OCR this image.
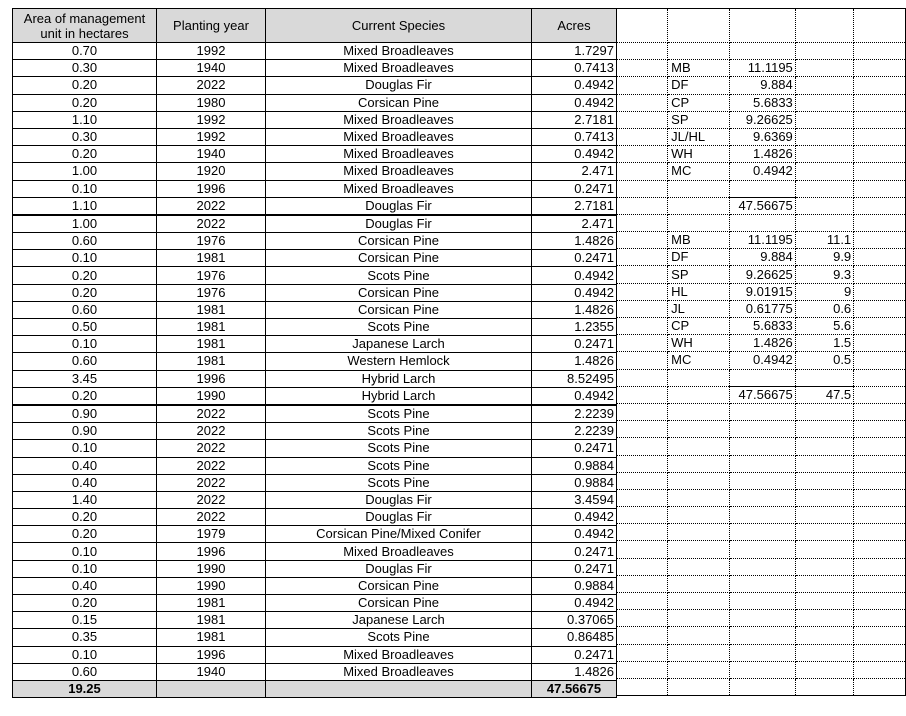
Area of management unit in hectares	Planting year	Current Species	Acres
0.70	1992	Mixed Broadleaves	1.7297
0.30	1940	Mixed Broadleaves	0.7413
0.20	2022	Douglas Fir	0.4942
0.20	1980	Corsican Pine	0.4942
1.10	1992	Mixed Broadleaves	2.7181
0.30	1992	Mixed Broadleaves	0.7413
0.20	1940	Mixed Broadleaves	0.4942
1.00	1920	Mixed Broadleaves	2.471
0.10	1996	Mixed Broadleaves	0.2471
1.10	2022	Douglas Fir	2.7181
1.00	2022	Douglas Fir	2.471
0.60	1976	Corsican Pine	1.4826
0.10	1981	Corsican Pine	0.2471
0.20	1976	Scots Pine	0.4942
0.20	1976	Corsican Pine	0.4942
0.60	1981	Corsican Pine	1.4826
0.50	1981	Scots Pine	1.2355
0.10	1981	Japanese Larch	0.2471
0.60	1981	Western Hemlock	1.4826
3.45	1996	Hybrid Larch	8.52495
0.20	1990	Hybrid Larch	0.4942
0.90	2022	Scots Pine	2.2239
0.90	2022	Scots Pine	2.2239
0.10	2022	Scots Pine	0.2471
0.40	2022	Scots Pine	0.9884
0.40	2022	Scots Pine	0.9884
1.40	2022	Douglas Fir	3.4594
0.20	2022	Douglas Fir	0.4942
0.20	1979	Corsican Pine/Mixed Conifer	0.4942
0.10	1996	Mixed Broadleaves	0.2471
0.10	1990	Douglas Fir	0.2471
0.40	1990	Corsican Pine	0.9884
0.20	1981	Corsican Pine	0.4942
0.15	1981	Japanese Larch	0.37065
0.35	1981	Scots Pine	0.86485
0.10	1996	Mixed Broadleaves	0.2471
0.60	1940	Mixed Broadleaves	1.4826
19.25			47.56675

	MB	11.1195		
	DF	9.884		
	CP	5.6833		
	SP	9.26625		
	JL/HL	9.6369		
	WH	1.4826		
	MC	0.4942		

		47.56675		

	MB	11.1195	11.1	
	DF	9.884	9.9	
	SP	9.26625	9.3	
	HL	9.01915	9	
	JL	0.61775	0.6	
	CP	5.6833	5.6	
	WH	1.4826	1.5	
	MC	0.4942	0.5	

		47.56675	47.5	
